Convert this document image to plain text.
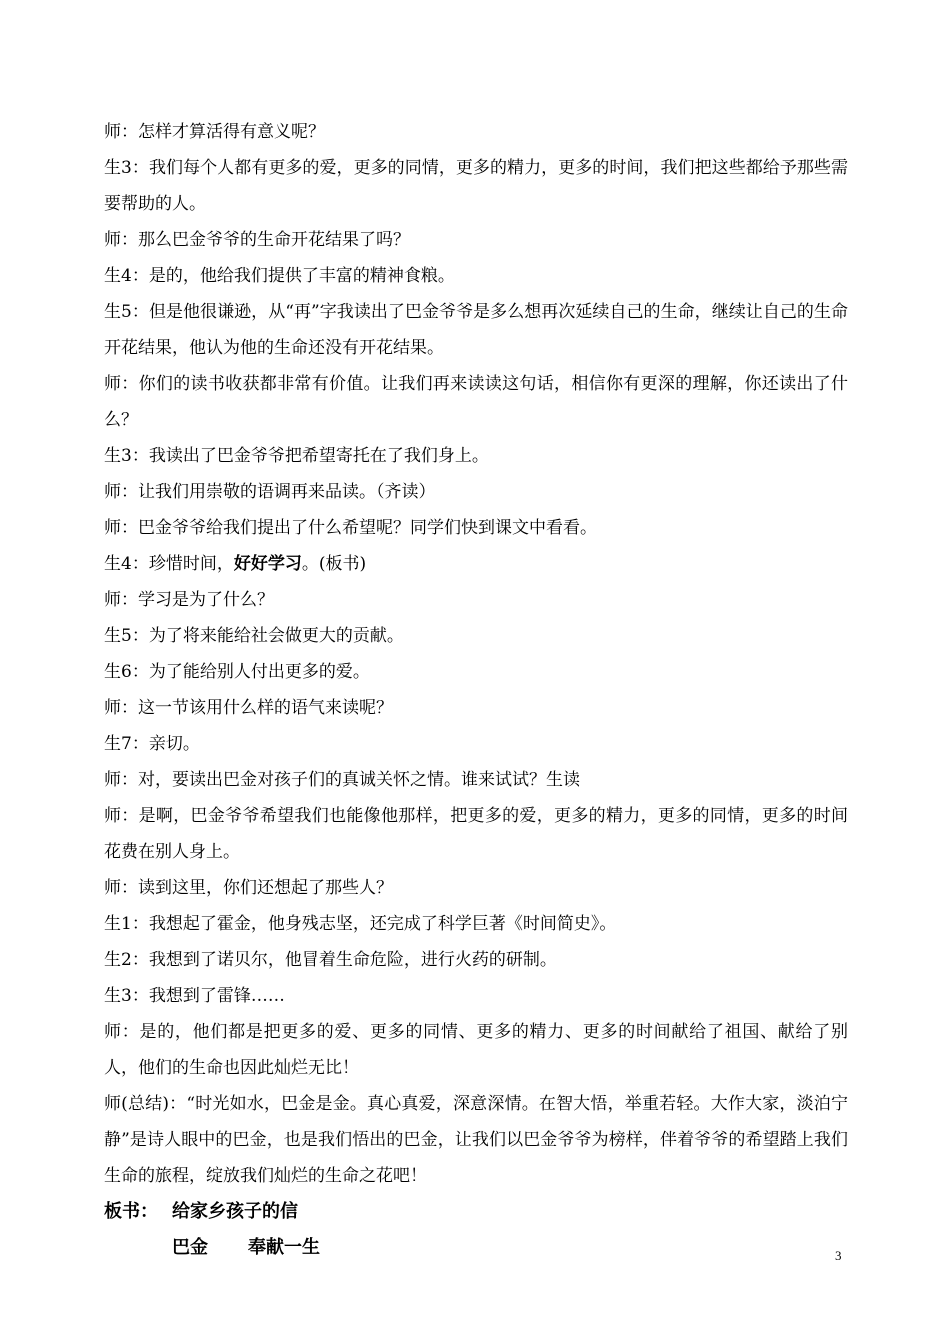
师：怎样才算活得有意义呢？

生3：我们每个人都有更多的爱，更多的同情，更多的精力，更多的时间，我们把这些都给予那些需要帮助的人。

师：那么巴金爷爷的生命开花结果了吗？

生4：是的，他给我们提供了丰富的精神食粮。

生5：但是他很谦逊，从“再”字我读出了巴金爷爷是多么想再次延续自己的生命，继续让自己的生命开花结果，他认为他的生命还没有开花结果。

师：你们的读书收获都非常有价值。让我们再来读读这句话，相信你有更深的理解，你还读出了什么？

生3：我读出了巴金爷爷把希望寄托在了我们身上。

师：让我们用崇敬的语调再来品读。（齐读）

师：巴金爷爷给我们提出了什么希望呢？同学们快到课文中看看。

生4：珍惜时间，好好学习。(板书)

师：学习是为了什么？

生5：为了将来能给社会做更大的贡献。

生6：为了能给别人付出更多的爱。

师：这一节该用什么样的语气来读呢？

生7：亲切。

师：对，要读出巴金对孩子们的真诚关怀之情。谁来试试？生读

师：是啊，巴金爷爷希望我们也能像他那样，把更多的爱，更多的精力，更多的同情，更多的时间花费在别人身上。

师：读到这里，你们还想起了那些人？

生1：我想起了霍金，他身残志坚，还完成了科学巨著《时间简史》。

生2：我想到了诺贝尔，他冒着生命危险，进行火药的研制。

生3：我想到了雷锋……

师：是的，他们都是把更多的爱、更多的同情、更多的精力、更多的时间献给了祖国、献给了别人，他们的生命也因此灿烂无比！

师(总结)：“时光如水，巴金是金。真心真爱，深意深情。在智大悟，举重若轻。大作大家，淡泊宁静”是诗人眼中的巴金，也是我们悟出的巴金，让我们以巴金爷爷为榜样，伴着爷爷的希望踏上我们生命的旅程，绽放我们灿烂的生命之花吧！

板书： 给家乡孩子的信

巴金 奉献一生	3
